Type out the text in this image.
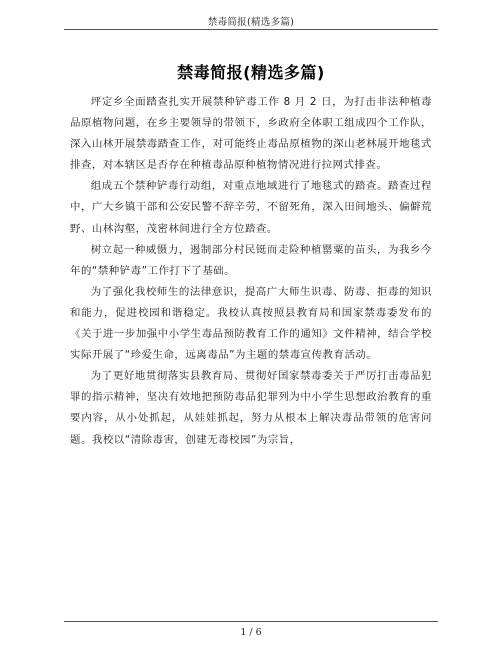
禁毒简报(精选多篇)
禁毒简报(精选多篇)

坪定乡全面踏查扎实开展禁种铲毒工作 8 月 2 日，为打击非法种植毒品原植物问题，在乡主要领导的带领下，乡政府全体职工组成四个工作队，深入山林开展禁毒踏查工作，对可能终止毒品原植物的深山老林展开地毯式排查，对本辖区是否存在种植毒品原种植物情况进行拉网式排查。

组成五个禁种铲毒行动组，对重点地域进行了地毯式的踏查。踏查过程中，广大乡镇干部和公安民警不辞辛劳，不留死角，深入田间地头、偏僻荒野、山林沟壑，茂密林间进行全方位踏查。

树立起一种威慑力，遏制部分村民铤而走险种植罂粟的苗头，为我乡今年的“禁种铲毒”工作打下了基础。

为了强化我校师生的法律意识，提高广大师生识毒、防毒、拒毒的知识和能力，促进校园和谐稳定。我校认真按照县教育局和国家禁毒委发布的《关于进一步加强中小学生毒品预防教育工作的通知》文件精神，结合学校实际开展了“珍爱生命，远离毒品”为主题的禁毒宣传教育活动。

为了更好地贯彻落实县教育局、贯彻好国家禁毒委关于严厉打击毒品犯罪的指示精神，坚决有效地把预防毒品犯罪列为中小学生思想政治教育的重要内容，从小处抓起，从娃娃抓起，努力从根本上解决毒品带领的危害问题。我校以“清除毒害，创建无毒校园”为宗旨，

1 / 6
